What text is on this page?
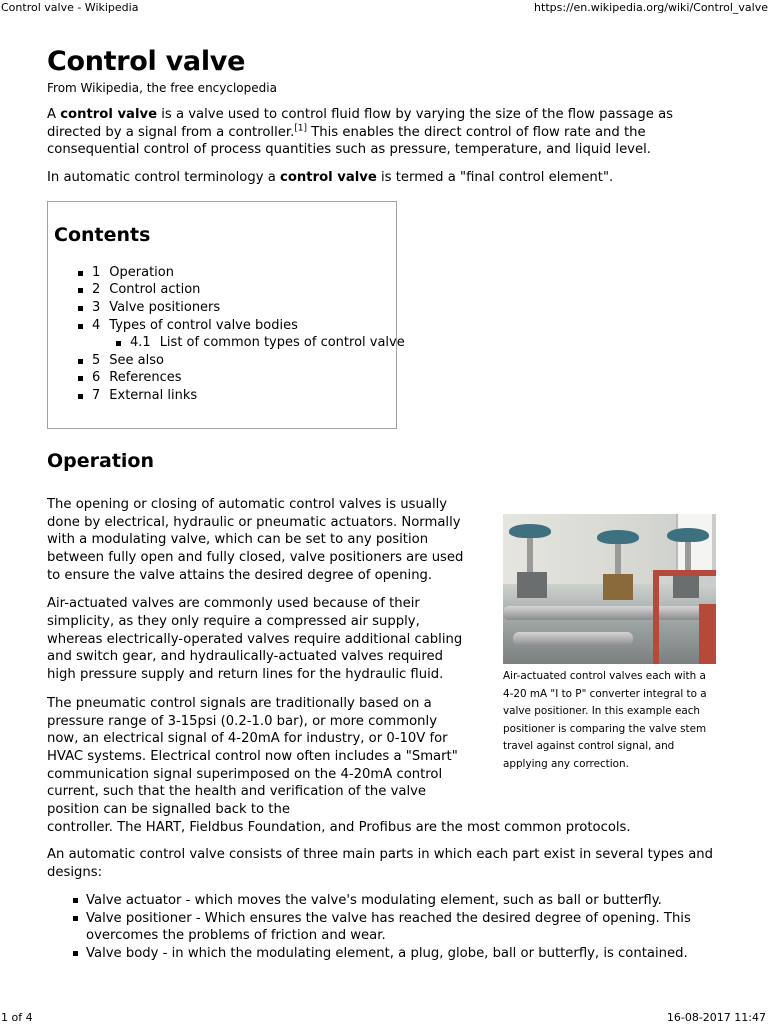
Control valve - Wikipedia	https://en.wikipedia.org/wiki/Control_valve
Control valve
From Wikipedia, the free encyclopedia

A control valve is a valve used to control fluid flow by varying the size of the flow passage as directed by a signal from a controller.[1] This enables the direct control of flow rate and the consequential control of process quantities such as pressure, temperature, and liquid level.

In automatic control terminology a control valve is termed a "final control element".

Contents
1 Operation
2 Control action
3 Valve positioners
4 Types of control valve bodies
4.1 List of common types of control valve
5 See also
6 References
7 External links
Operation
Air-actuated control valves each with a 4-20 mA "I to P" converter integral to a valve positioner. In this example each positioner is comparing the valve stem travel against control signal, and applying any correction.

The opening or closing of automatic control valves is usually done by electrical, hydraulic or pneumatic actuators. Normally with a modulating valve, which can be set to any position between fully open and fully closed, valve positioners are used to ensure the valve attains the desired degree of opening.

Air-actuated valves are commonly used because of their simplicity, as they only require a compressed air supply, whereas electrically-operated valves require additional cabling and switch gear, and hydraulically-actuated valves required high pressure supply and return lines for the hydraulic fluid.

The pneumatic control signals are traditionally based on a pressure range of 3-15psi (0.2-1.0 bar), or more commonly now, an electrical signal of 4-20mA for industry, or 0-10V for HVAC systems. Electrical control now often includes a "Smart" communication signal superimposed on the 4-20mA control current, such that the health and verification of the valve position can be signalled back to the

controller. The HART, Fieldbus Foundation, and Profibus are the most common protocols.

An automatic control valve consists of three main parts in which each part exist in several types and designs:

Valve actuator - which moves the valve's modulating element, such as ball or butterfly.
Valve positioner - Which ensures the valve has reached the desired degree of opening. This overcomes the problems of friction and wear.
Valve body - in which the modulating element, a plug, globe, ball or butterfly, is contained.
1 of 4	16-08-2017 11:47
